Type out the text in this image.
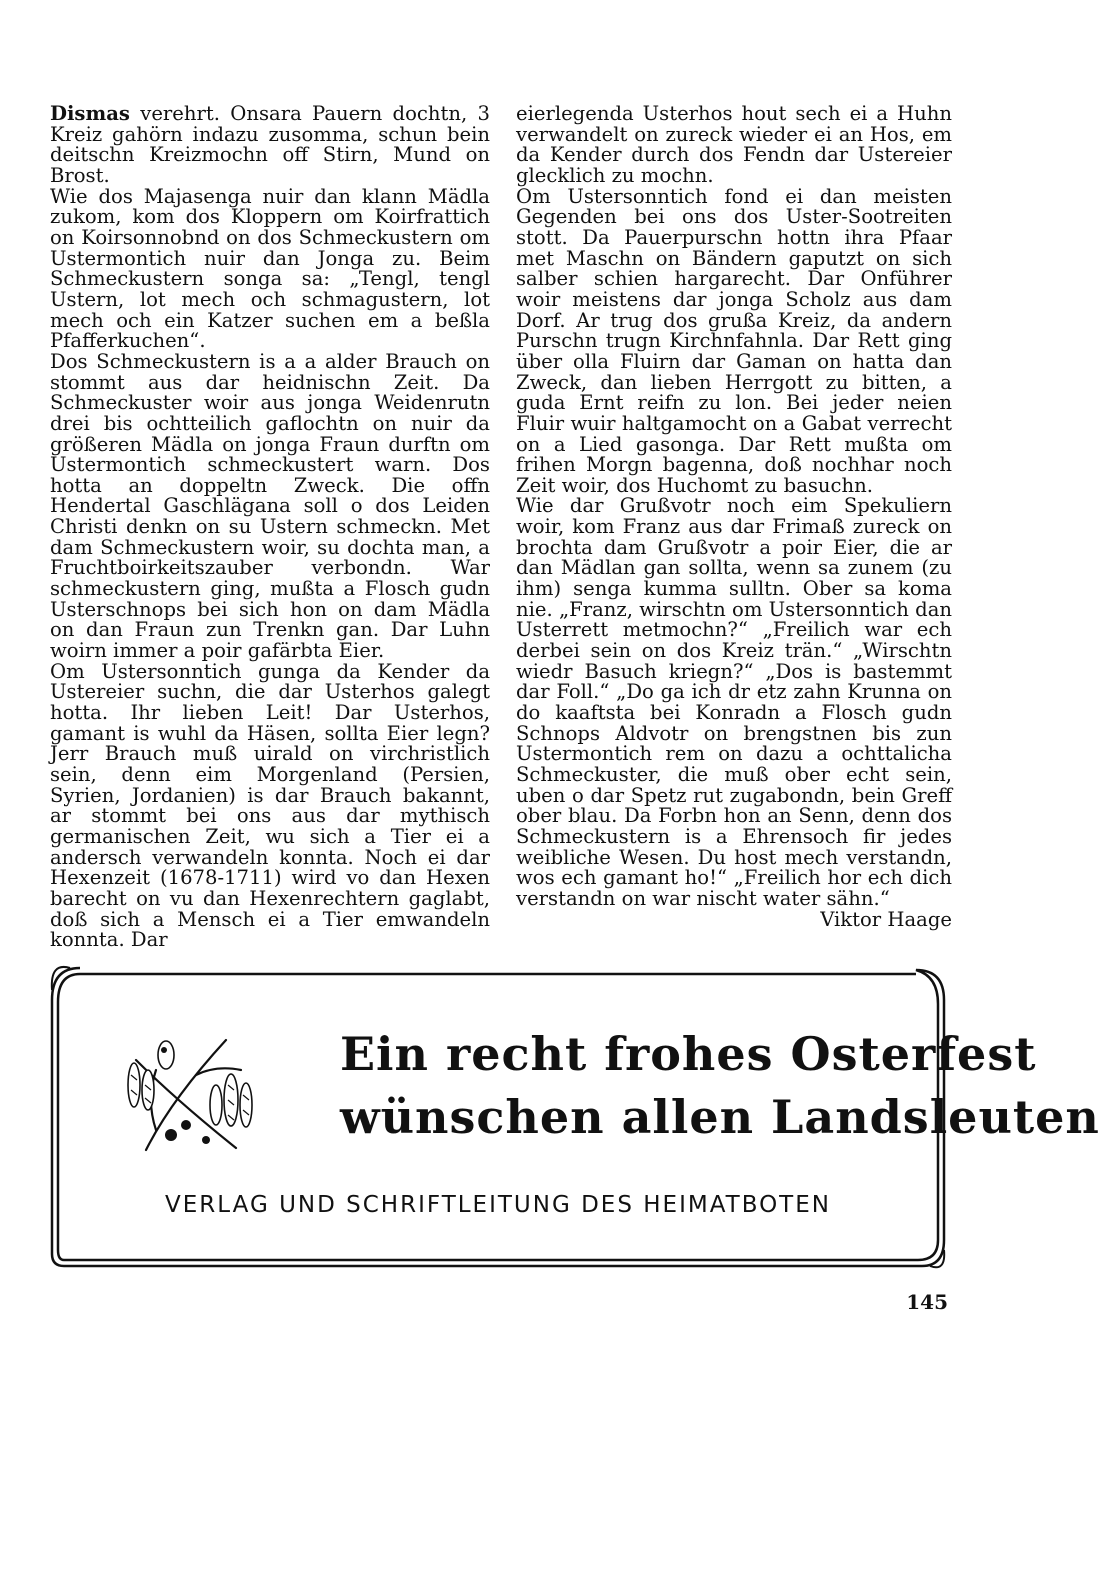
Dismas verehrt. Onsara Pauern dochtn, 3 Kreiz gahörn indazu zusomma, schun bein deitschn Kreizmochn off Stirn, Mund on Brost.

Wie dos Majasenga nuir dan klann Mädla zukom, kom dos Kloppern om Koirfrattich on Koirsonnobnd on dos Schmeckustern om Ustermontich nuir dan Jonga zu. Beim Schmeckustern songa sa: „Tengl, tengl Ustern, lot mech och schmagustern, lot mech och ein Katzer suchen em a beßla Pfafferkuchen“.

Dos Schmeckustern is a a alder Brauch on stommt aus dar heidnischn Zeit. Da Schmeckuster woir aus jonga Weidenrutn drei bis ochtteilich gaflochtn on nuir da größeren Mädla on jonga Fraun durftn om Ustermontich schmeckustert warn. Dos hotta an doppeltn Zweck. Die offn Hendertal Gaschlägana soll o dos Leiden Christi denkn on su Ustern schmeckn. Met dam Schmeckustern woir, su dochta man, a Fruchtboirkeitszauber verbondn. War schmeckustern ging, mußta a Flosch gudn Usterschnops bei sich hon on dam Mädla on dan Fraun zun Trenkn gan. Dar Luhn woirn immer a poir gafärbta Eier.

Om Ustersonntich gunga da Kender da Ustereier suchn, die dar Usterhos galegt hotta. Ihr lieben Leit! Dar Usterhos, gamant is wuhl da Häsen, sollta Eier legn? Jerr Brauch muß uirald on virchristlich sein, denn eim Morgenland (Persien, Syrien, Jordanien) is dar Brauch bakannt, ar stommt bei ons aus dar mythisch germanischen Zeit, wu sich a Tier ei a andersch verwandeln konnta. Noch ei dar Hexenzeit (1678-1711) wird vo dan Hexen barecht on vu dan Hexenrechtern gaglabt, doß sich a Mensch ei a Tier emwandeln konnta. Dar

eierlegenda Usterhos hout sech ei a Huhn verwandelt on zureck wieder ei an Hos, em da Kender durch dos Fendn dar Ustereier glecklich zu mochn.

Om Ustersonntich fond ei dan meisten Gegenden bei ons dos Uster-Sootreiten stott. Da Pauerpurschn hottn ihra Pfaar met Maschn on Bändern gaputzt on sich salber schien hargarecht. Dar Onführer woir meistens dar jonga Scholz aus dam Dorf. Ar trug dos grußa Kreiz, da andern Purschn trugn Kirchnfahnla. Dar Rett ging über olla Fluirn dar Gaman on hatta dan Zweck, dan lieben Herrgott zu bitten, a guda Ernt reifn zu lon. Bei jeder neien Fluir wuir haltgamocht on a Gabat verrecht on a Lied gasonga. Dar Rett mußta om frihen Morgn bagenna, doß nochhar noch Zeit woir, dos Huchomt zu basuchn.

Wie dar Grußvotr noch eim Spekuliern woir, kom Franz aus dar Frimaß zureck on brochta dam Grußvotr a poir Eier, die ar dan Mädlan gan sollta, wenn sa zunem (zu ihm) senga kumma sulltn. Ober sa koma nie. „Franz, wirschtn om Ustersonntich dan Usterrett metmochn?“ „Freilich war ech derbei sein on dos Kreiz trän.“ „Wirschtn wiedr Basuch kriegn?“ „Dos is bastemmt dar Foll.“ „Do ga ich dr etz zahn Krunna on do kaaftsta bei Konradn a Flosch gudn Schnops Aldvotr on brengstnen bis zun Ustermontich rem on dazu a ochttalicha Schmeckuster, die muß ober echt sein, uben o dar Spetz rut zugabondn, bein Greff ober blau. Da Forbn hon an Senn, denn dos Schmeckustern is a Ehrensoch fir jedes weibliche Wesen. Du host mech verstandn, wos ech gamant ho!“ „Freilich hor ech dich verstandn on war nischt water sähn.“

Viktor Haage

Ein recht frohes Osterfest
wünschen allen Landsleuten
VERLAG UND SCHRIFTLEITUNG DES HEIMATBOTEN
145
